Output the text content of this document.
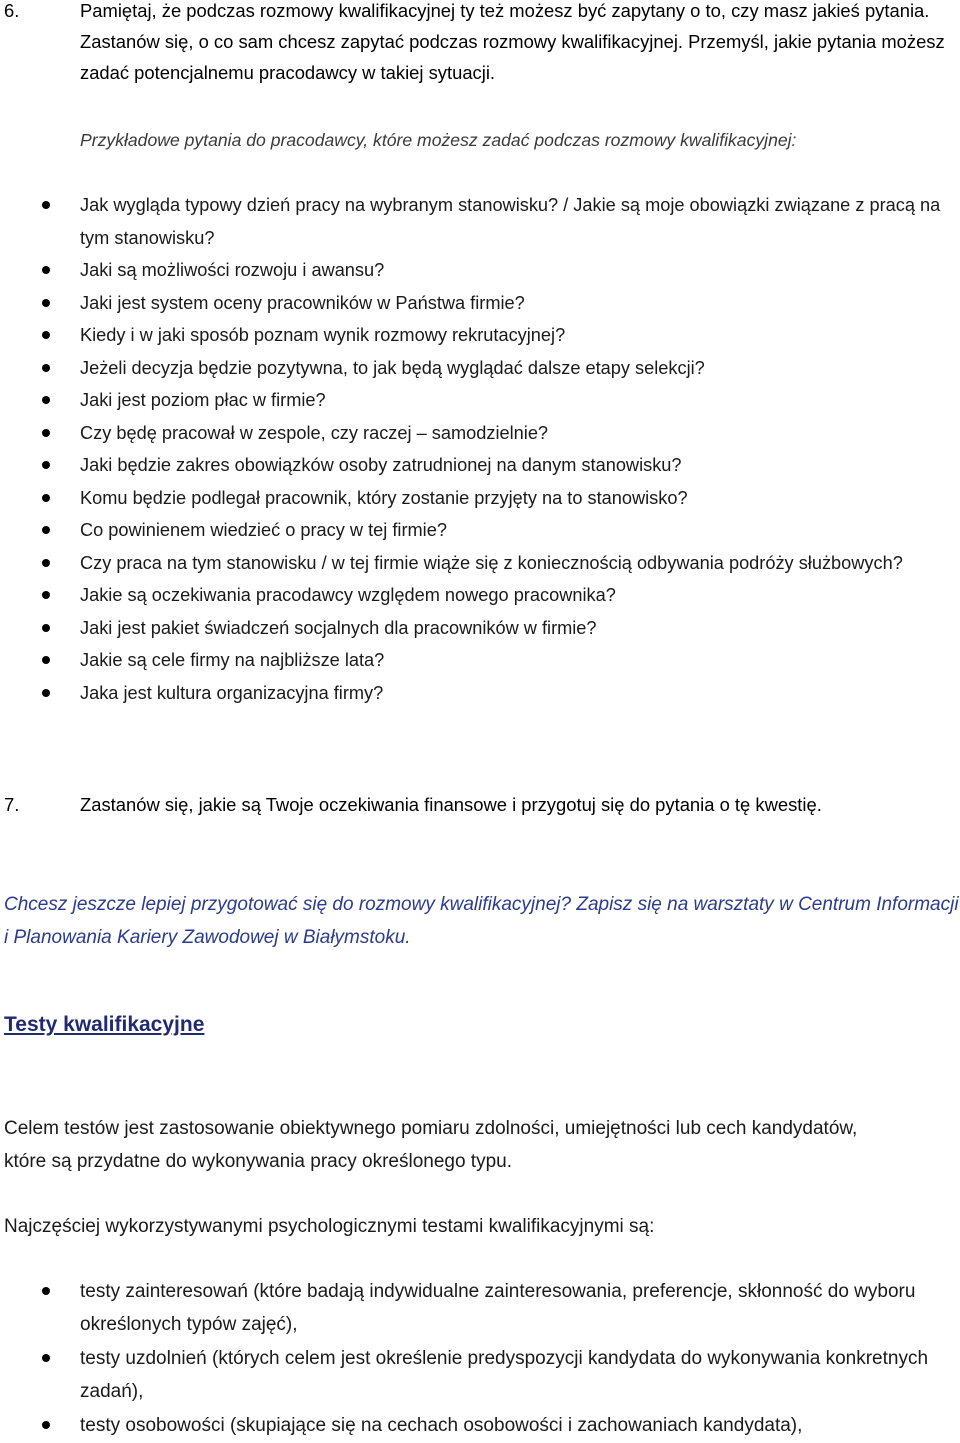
6.	Pamiętaj, że podczas rozmowy kwalifikacyjnej ty też możesz być zapytany o to, czy masz jakieś pytania. Zastanów się, o co sam chcesz zapytać podczas rozmowy kwalifikacyjnej. Przemyśl, jakie pytania możesz zadać potencjalnemu pracodawcy w takiej sytuacji.
Przykładowe pytania do pracodawcy, które możesz zadać podczas rozmowy kwalifikacyjnej:
Jak wygląda typowy dzień pracy na wybranym stanowisku? / Jakie są moje obowiązki związane z pracą na tym stanowisku?
Jaki są możliwości rozwoju i awansu?
Jaki jest system oceny pracowników w Państwa firmie?
Kiedy i w jaki sposób poznam wynik rozmowy rekrutacyjnej?
Jeżeli decyzja będzie pozytywna, to jak będą wyglądać dalsze etapy selekcji?
Jaki jest poziom płac w firmie?
Czy będę pracował w zespole, czy raczej – samodzielnie?
Jaki będzie zakres obowiązków osoby zatrudnionej na danym stanowisku?
Komu będzie podlegał pracownik, który zostanie przyjęty na to stanowisko?
Co powinienem wiedzieć o pracy w tej firmie?
Czy praca na tym stanowisku / w tej firmie wiąże się z koniecznością odbywania podróży służbowych?
Jakie są oczekiwania pracodawcy względem nowego pracownika?
Jaki jest pakiet świadczeń socjalnych dla pracowników w firmie?
Jakie są cele firmy na najbliższe lata?
Jaka jest kultura organizacyjna firmy?
7.	Zastanów się, jakie są Twoje oczekiwania finansowe i przygotuj się do pytania o tę kwestię.
Chcesz jeszcze lepiej przygotować się do rozmowy kwalifikacyjnej? Zapisz się na warsztaty w Centrum Informacji i Planowania Kariery Zawodowej w Białymstoku.
Testy kwalifikacyjne
Celem testów jest zastosowanie obiektywnego pomiaru zdolności, umiejętności lub cech kandydatów, które są przydatne do wykonywania pracy określonego typu.
Najczęściej wykorzystywanymi psychologicznymi testami kwalifikacyjnymi są:
testy zainteresowań (które badają indywidualne zainteresowania, preferencje, skłonność do wyboru określonych typów zajęć),
testy uzdolnień (których celem jest określenie predyspozycji kandydata do wykonywania konkretnych zadań),
testy osobowości (skupiające się na cechach osobowości i zachowaniach kandydata),
